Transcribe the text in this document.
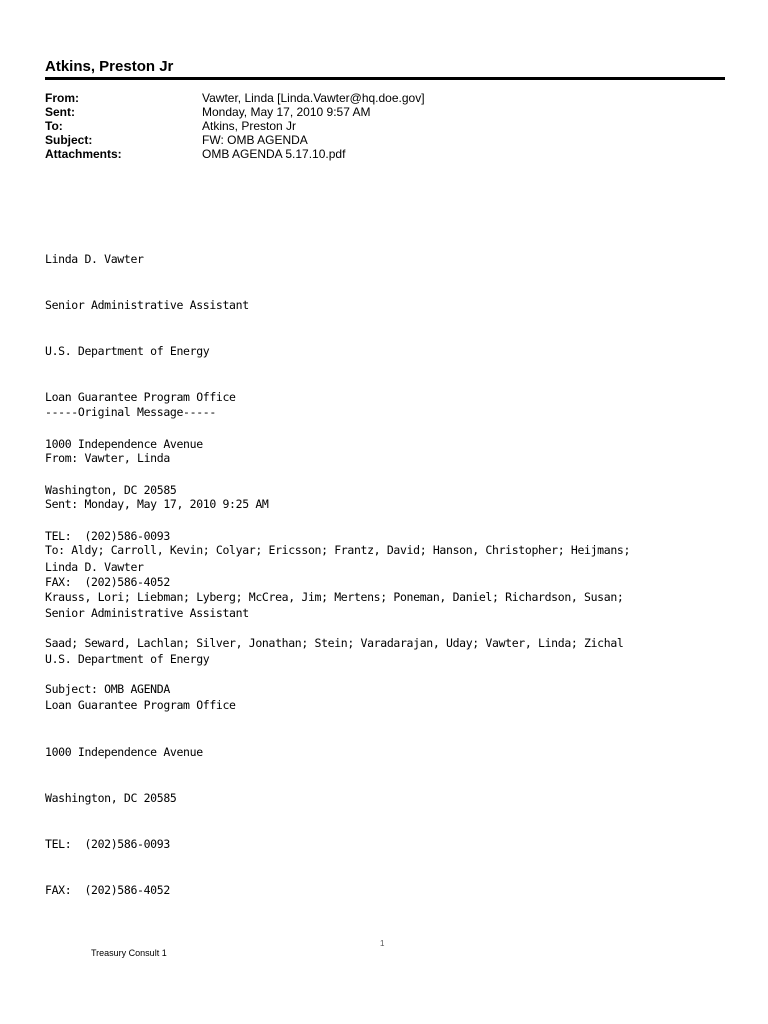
Atkins, Preston Jr
From:	Vawter, Linda [Linda.Vawter@hq.doe.gov]
Sent:	Monday, May 17, 2010 9:57 AM
To:	Atkins, Preston Jr
Subject:	FW: OMB AGENDA
Attachments:	OMB AGENDA 5.17.10.pdf

Linda D. Vawter

Senior Administrative Assistant

U.S. Department of Energy

Loan Guarantee Program Office

1000 Independence Avenue

Washington, DC 20585

TEL:  (202)586-0093

FAX:  (202)586-4052

-----Original Message-----

From: Vawter, Linda

Sent: Monday, May 17, 2010 9:25 AM

To: Aldy; Carroll, Kevin; Colyar; Ericsson; Frantz, David; Hanson, Christopher; Heijmans;

Krauss, Lori; Liebman; Lyberg; McCrea, Jim; Mertens; Poneman, Daniel; Richardson, Susan;

Saad; Seward, Lachlan; Silver, Jonathan; Stein; Varadarajan, Uday; Vawter, Linda; Zichal

Subject: OMB AGENDA

Linda D. Vawter

Senior Administrative Assistant

U.S. Department of Energy

Loan Guarantee Program Office

1000 Independence Avenue

Washington, DC 20585

TEL:  (202)586-0093

FAX:  (202)586-4052

1
Treasury Consult 1
